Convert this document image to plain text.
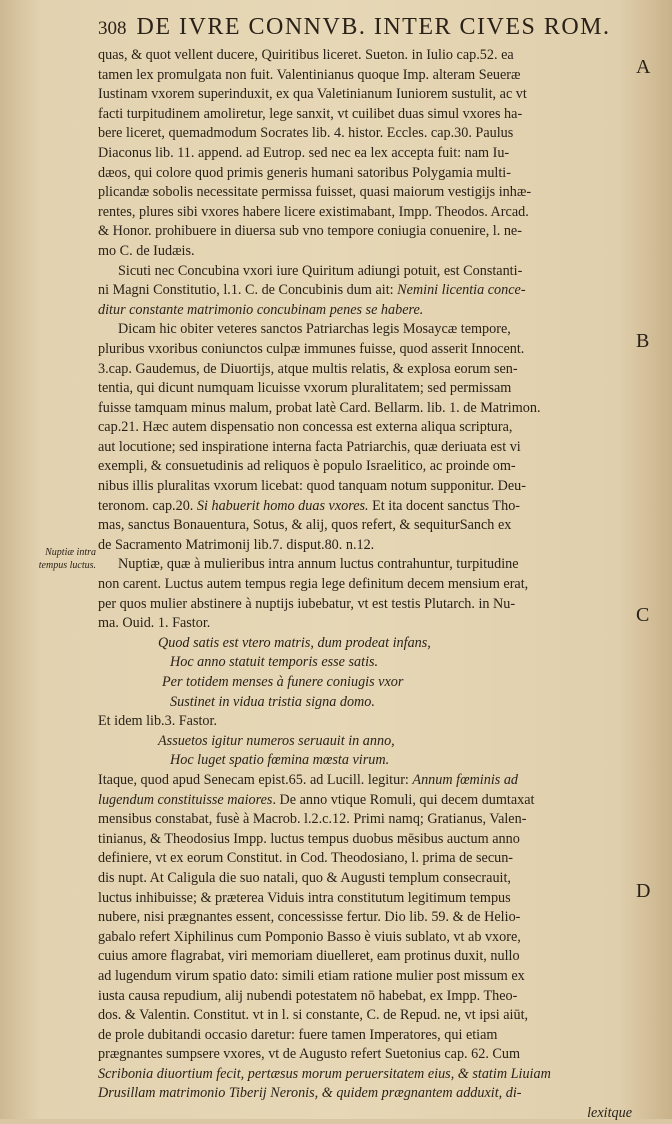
308 DE IVRE CONNVB. INTER CIVES ROM.
A
B
C
D
Nuptiæ intra tempus luctus.
quas, & quot vellent ducere, Quiritibus liceret. Sueton. in Iulio cap.52. ea
tamen lex promulgata non fuit. Valentinianus quoque Imp. alteram Seueræ
Iustinam vxorem superinduxit, ex qua Valetinianum Iuniorem sustulit, ac vt
facti turpitudinem amoliretur, lege sanxit, vt cuilibet duas simul vxores ha-
bere liceret, quemadmodum Socrates lib. 4. histor. Eccles. cap.30. Paulus
Diaconus lib. 11. append. ad Eutrop. sed nec ea lex accepta fuit: nam Iu-
dæos, qui colore quod primis generis humani satoribus Polygamia multi-
plicandæ sobolis necessitate permissa fuisset, quasi maiorum vestigijs inhæ-
rentes, plures sibi vxores habere licere existimabant, Impp. Theodos. Arcad.
& Honor. prohibuere in diuersa sub vno tempore coniugia conuenire, l. ne-
mo C. de Iudæis.
Sicuti nec Concubina vxori iure Quiritum adiungi potuit, est Constanti-
ni Magni Constitutio, l.1. C. de Concubinis dum ait: Nemini licentia conce-
ditur constante matrimonio concubinam penes se habere.
Dicam hic obiter veteres sanctos Patriarchas legis Mosaycæ tempore,
pluribus vxoribus coniunctos culpæ immunes fuisse, quod asserit Innocent.
3.cap. Gaudemus, de Diuortijs, atque multis relatis, & explosa eorum sen-
tentia, qui dicunt numquam licuisse vxorum pluralitatem; sed permissam
fuisse tamquam minus malum, probat latè Card. Bellarm. lib. 1. de Matrimon.
cap.21. Hæc autem dispensatio non concessa est externa aliqua scriptura,
aut locutione; sed inspiratione interna facta Patriarchis, quæ deriuata est vi
exempli, & consuetudinis ad reliquos è populo Israelitico, ac proinde om-
nibus illis pluralitas vxorum licebat: quod tanquam notum supponitur. Deu-
teronom. cap.20. Si habuerit homo duas vxores. Et ita docent sanctus Tho-
mas, sanctus Bonauentura, Sotus, & alij, quos refert, & sequiturSanch ex
de Sacramento Matrimonij lib.7. disput.80. n.12.
Nuptiæ, quæ à mulieribus intra annum luctus contrahuntur, turpitudine
non carent. Luctus autem tempus regia lege definitum decem mensium erat,
per quos mulier abstinere à nuptijs iubebatur, vt est testis Plutarch. in Nu-
ma. Ouid. 1. Fastor.
Quod satis est vtero matris, dum prodeat infans,
Hoc anno statuit temporis esse satis.
Per totidem menses à funere coniugis vxor
Sustinet in vidua tristia signa domo.
Et idem lib.3. Fastor.
Assuetos igitur numeros seruauit in anno,
Hoc luget spatio fœmina mœsta virum.
Itaque, quod apud Senecam epist.65. ad Lucill. legitur: Annum fœminis ad
lugendum constituisse maiores. De anno vtique Romuli, qui decem dumtaxat
mensibus constabat, fusè à Macrob. l.2.c.12. Primi namq; Gratianus, Valen-
tinianus, & Theodosius Impp. luctus tempus duobus mēsibus auctum anno
definiere, vt ex eorum Constitut. in Cod. Theodosiano, l. prima de secun-
dis nupt. At Caligula die suo natali, quo & Augusti templum consecrauit,
luctus inhibuisse; & præterea Viduis intra constitutum legitimum tempus
nubere, nisi prægnantes essent, concessisse fertur. Dio lib. 59. & de Helio-
gabalo refert Xiphilinus cum Pomponio Basso è viuis sublato, vt ab vxore,
cuius amore flagrabat, viri memoriam diuelleret, eam protinus duxit, nullo
ad lugendum virum spatio dato: simili etiam ratione mulier post missum ex
iusta causa repudium, alij nubendi potestatem nō habebat, ex Impp. Theo-
dos. & Valentin. Constitut. vt in l. si constante, C. de Repud. ne, vt ipsi aiūt,
de prole dubitandi occasio daretur: fuere tamen Imperatores, qui etiam
prægnantes sumpsere vxores, vt de Augusto refert Suetonius cap. 62. Cum
Scribonia diuortium fecit, pertæsus morum peruersitatem eius, & statim Liuiam
Drusillam matrimonio Tiberij Neronis, & quidem prægnantem adduxit, di-
lexitque
